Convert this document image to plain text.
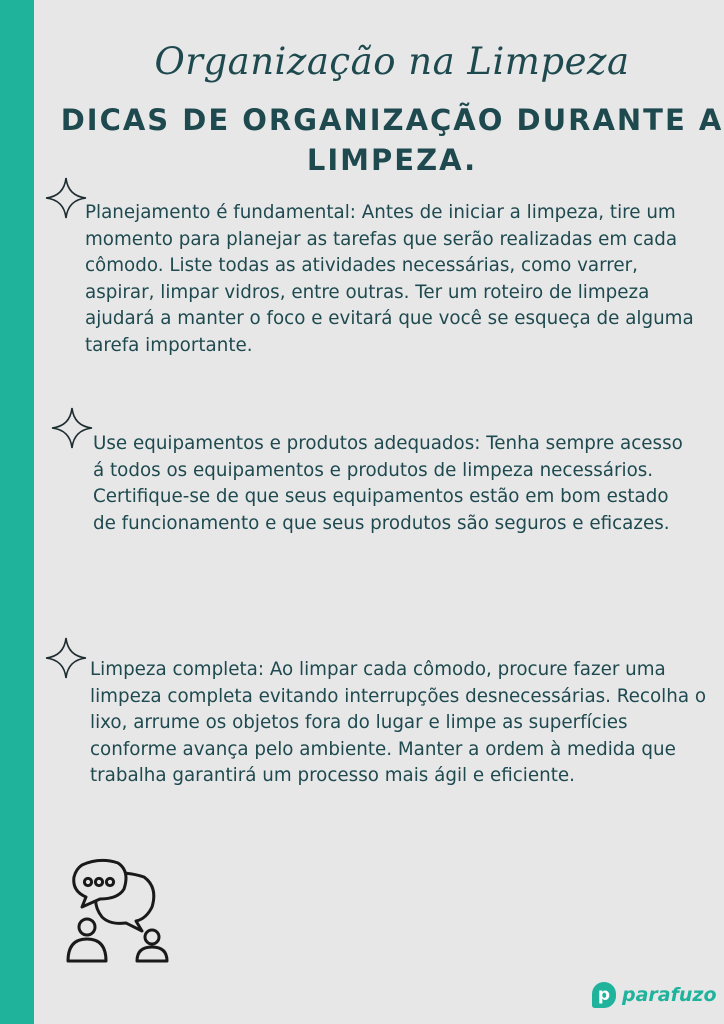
Organização na Limpeza
DICAS DE ORGANIZAÇÃO DURANTE A LIMPEZA.
Planejamento é fundamental: Antes de iniciar a limpeza, tire um momento para planejar as tarefas que serão realizadas em cada cômodo. Liste todas as atividades necessárias, como varrer, aspirar, limpar vidros, entre outras. Ter um roteiro de limpeza ajudará a manter o foco e evitará que você se esqueça de alguma tarefa importante.
Use equipamentos e produtos adequados: Tenha sempre acesso á todos os equipamentos e produtos de limpeza necessários. Certifique-se de que seus equipamentos estão em bom estado de funcionamento e que seus produtos são seguros e eficazes.
Limpeza completa: Ao limpar cada cômodo, procure fazer uma limpeza completa evitando interrupções desnecessárias. Recolha o lixo, arrume os objetos fora do lugar e limpe as superfícies conforme avança pelo ambiente. Manter a ordem à medida que trabalha garantirá um processo mais ágil e eficiente.
p parafuzo
